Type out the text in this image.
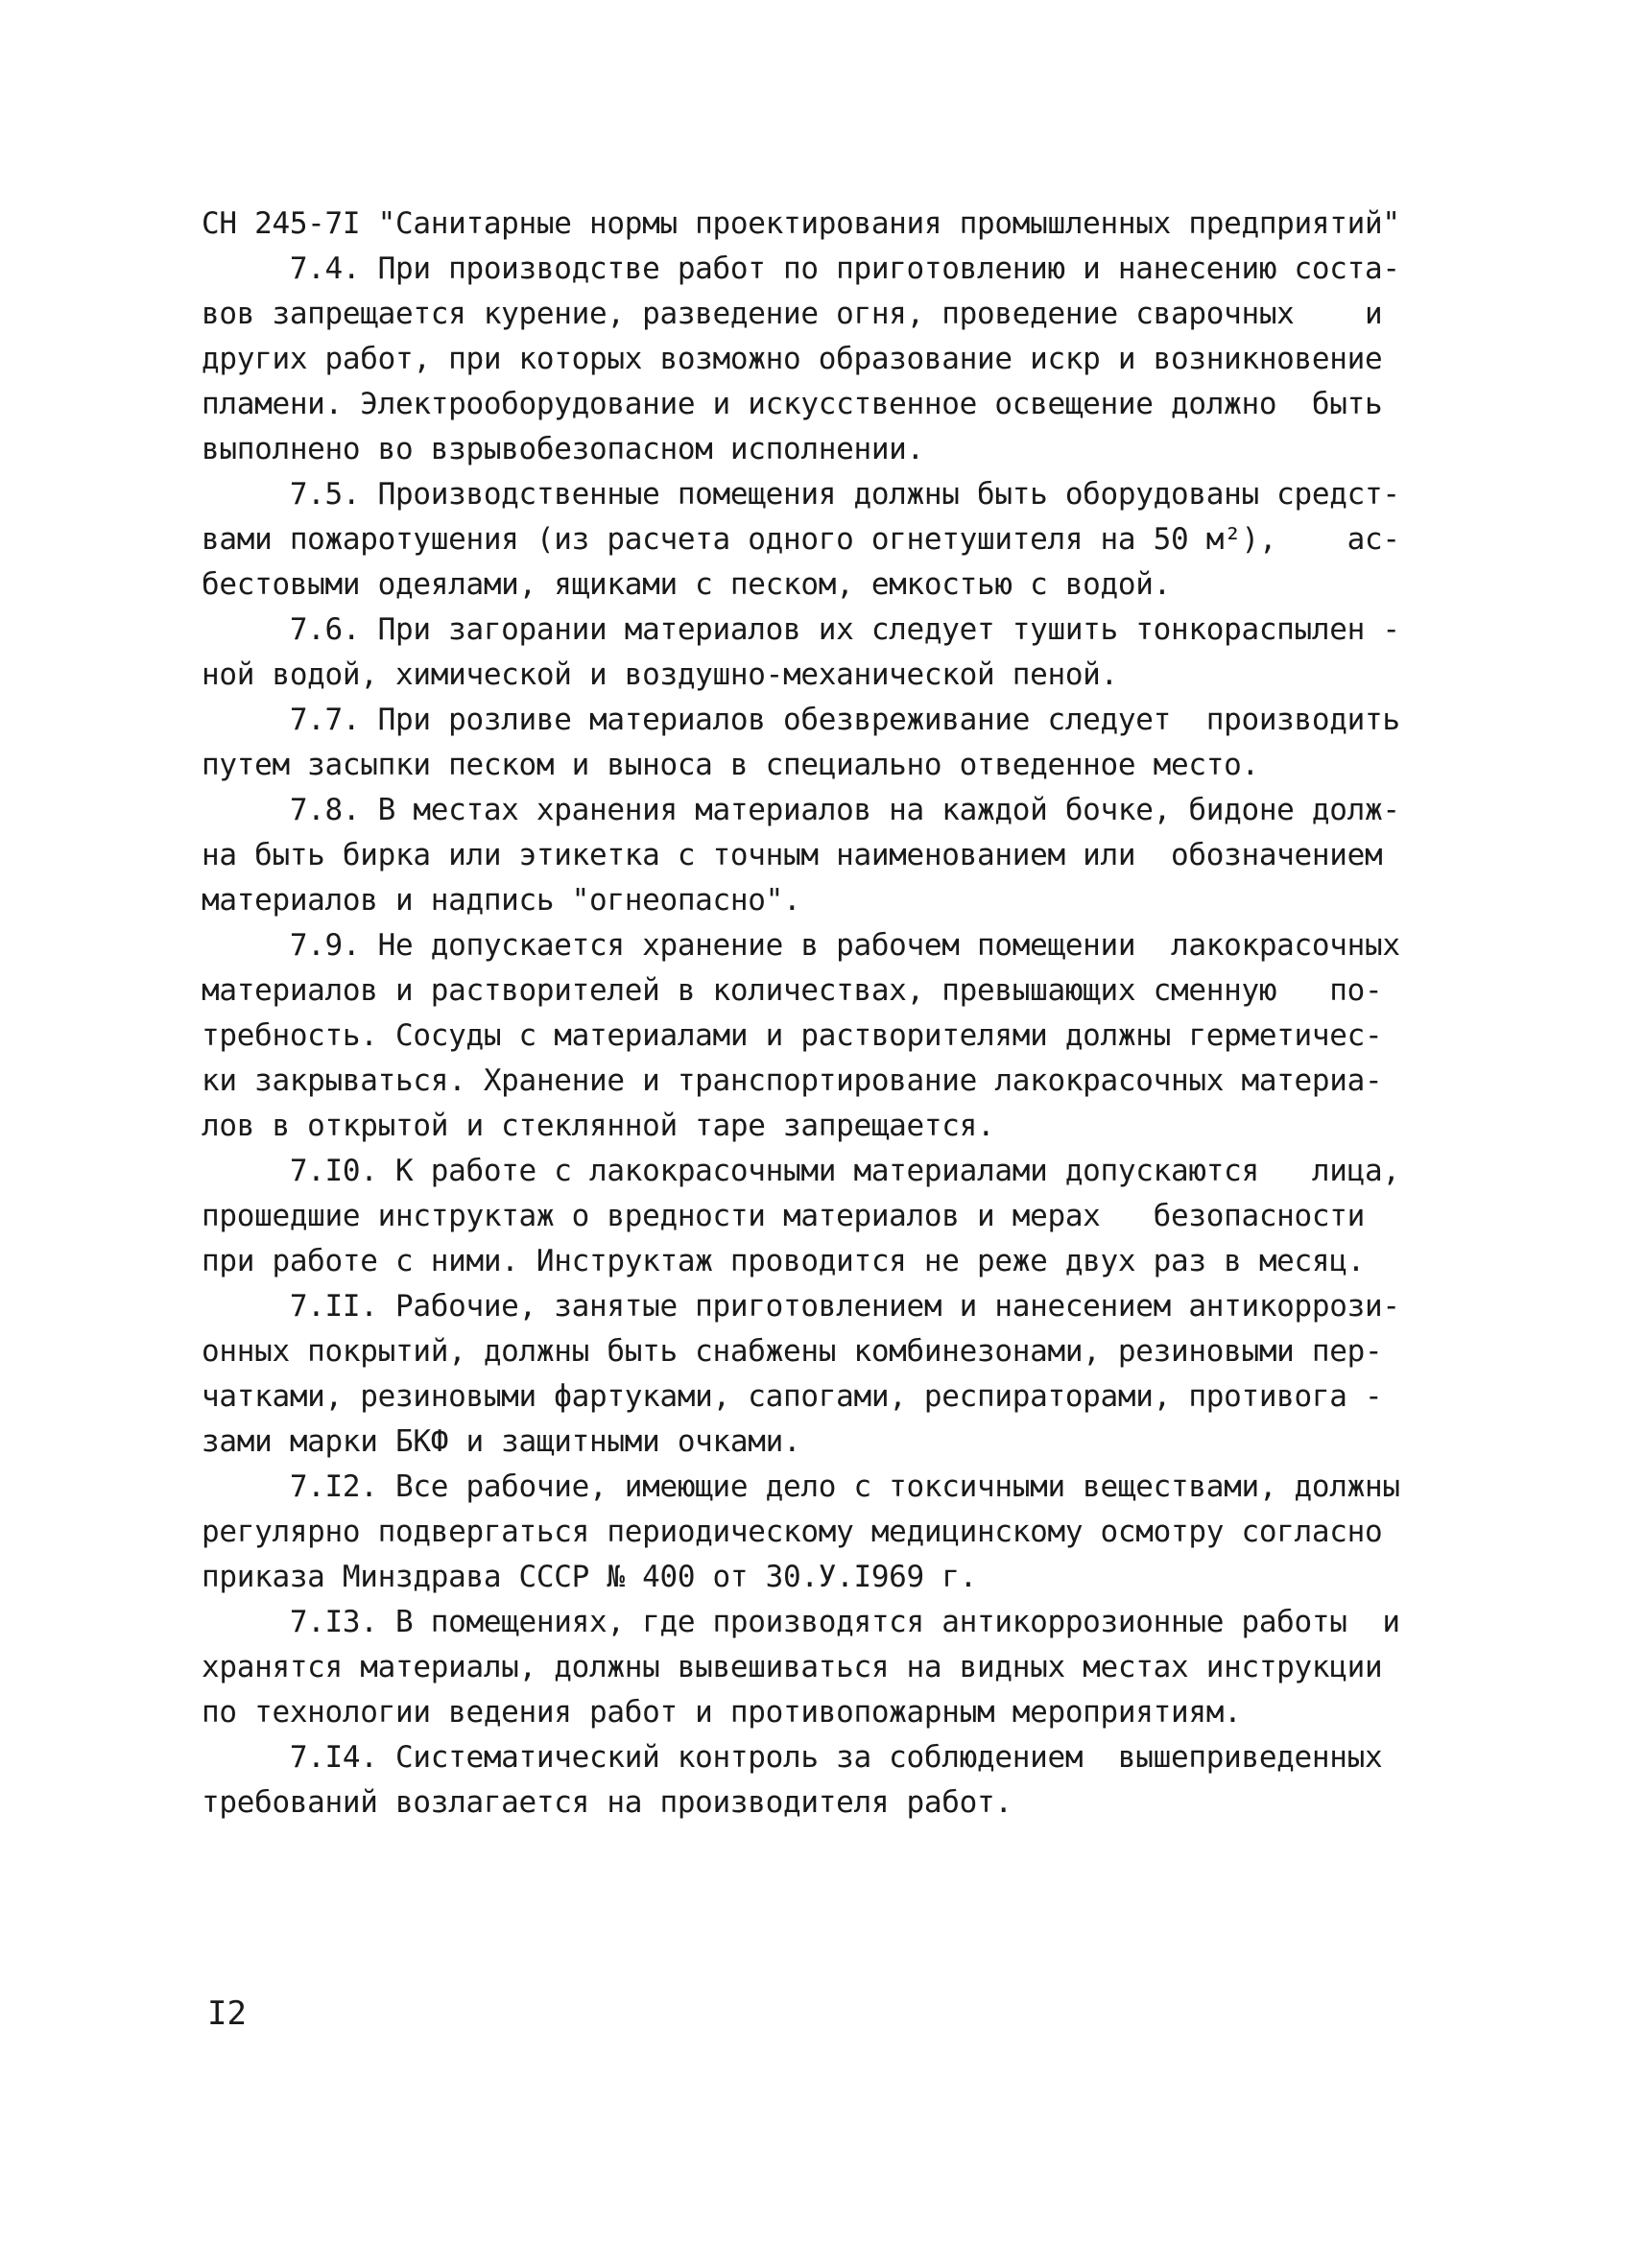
СН 245-7I "Санитарные нормы проектирования промышленных предприятий"
7.4. При производстве работ по приготовлению и нанесению соста-
вов запрещается курение, разведение огня, проведение сварочных    и
других работ, при которых возможно образование искр и возникновение
пламени. Электрооборудование и искусственное освещение должно  быть
выполнено во взрывобезопасном исполнении.
7.5. Производственные помещения должны быть оборудованы средст-
вами пожаротушения (из расчета одного огнетушителя на 50 м²),    ас-
бестовыми одеялами, ящиками с песком, емкостью с водой.
7.6. При загорании материалов их следует тушить тонкораспылен -
ной водой, химической и воздушно-механической пеной.
7.7. При розливе материалов обезвреживание следует  производить
путем засыпки песком и выноса в специально отведенное место.
7.8. В местах хранения материалов на каждой бочке, бидоне долж-
на быть бирка или этикетка с точным наименованием или  обозначением
материалов и надпись "огнеопасно".
7.9. Не допускается хранение в рабочем помещении  лакокрасочных
материалов и растворителей в количествах, превышающих сменную   по-
требность. Сосуды с материалами и растворителями должны герметичес-
ки закрываться. Хранение и транспортирование лакокрасочных материа-
лов в открытой и стеклянной таре запрещается.
7.I0. К работе с лакокрасочными материалами допускаются   лица,
прошедшие инструктаж о вредности материалов и мерах   безопасности
при работе с ними. Инструктаж проводится не реже двух раз в месяц.
7.II. Рабочие, занятые приготовлением и нанесением антикоррози-
онных покрытий, должны быть снабжены комбинезонами, резиновыми пер-
чатками, резиновыми фартуками, сапогами, респираторами, противога -
зами марки БКФ и защитными очками.
7.I2. Все рабочие, имеющие дело с токсичными веществами, должны
регулярно подвергаться периодическому медицинскому осмотру согласно
приказа Минздрава СССР № 400 от 30.У.I969 г.
7.I3. В помещениях, где производятся антикоррозионные работы  и
хранятся материалы, должны вывешиваться на видных местах инструкции
по технологии ведения работ и противопожарным мероприятиям.
7.I4. Систематический контроль за соблюдением  вышеприведенных
требований возлагается на производителя работ.
I2
